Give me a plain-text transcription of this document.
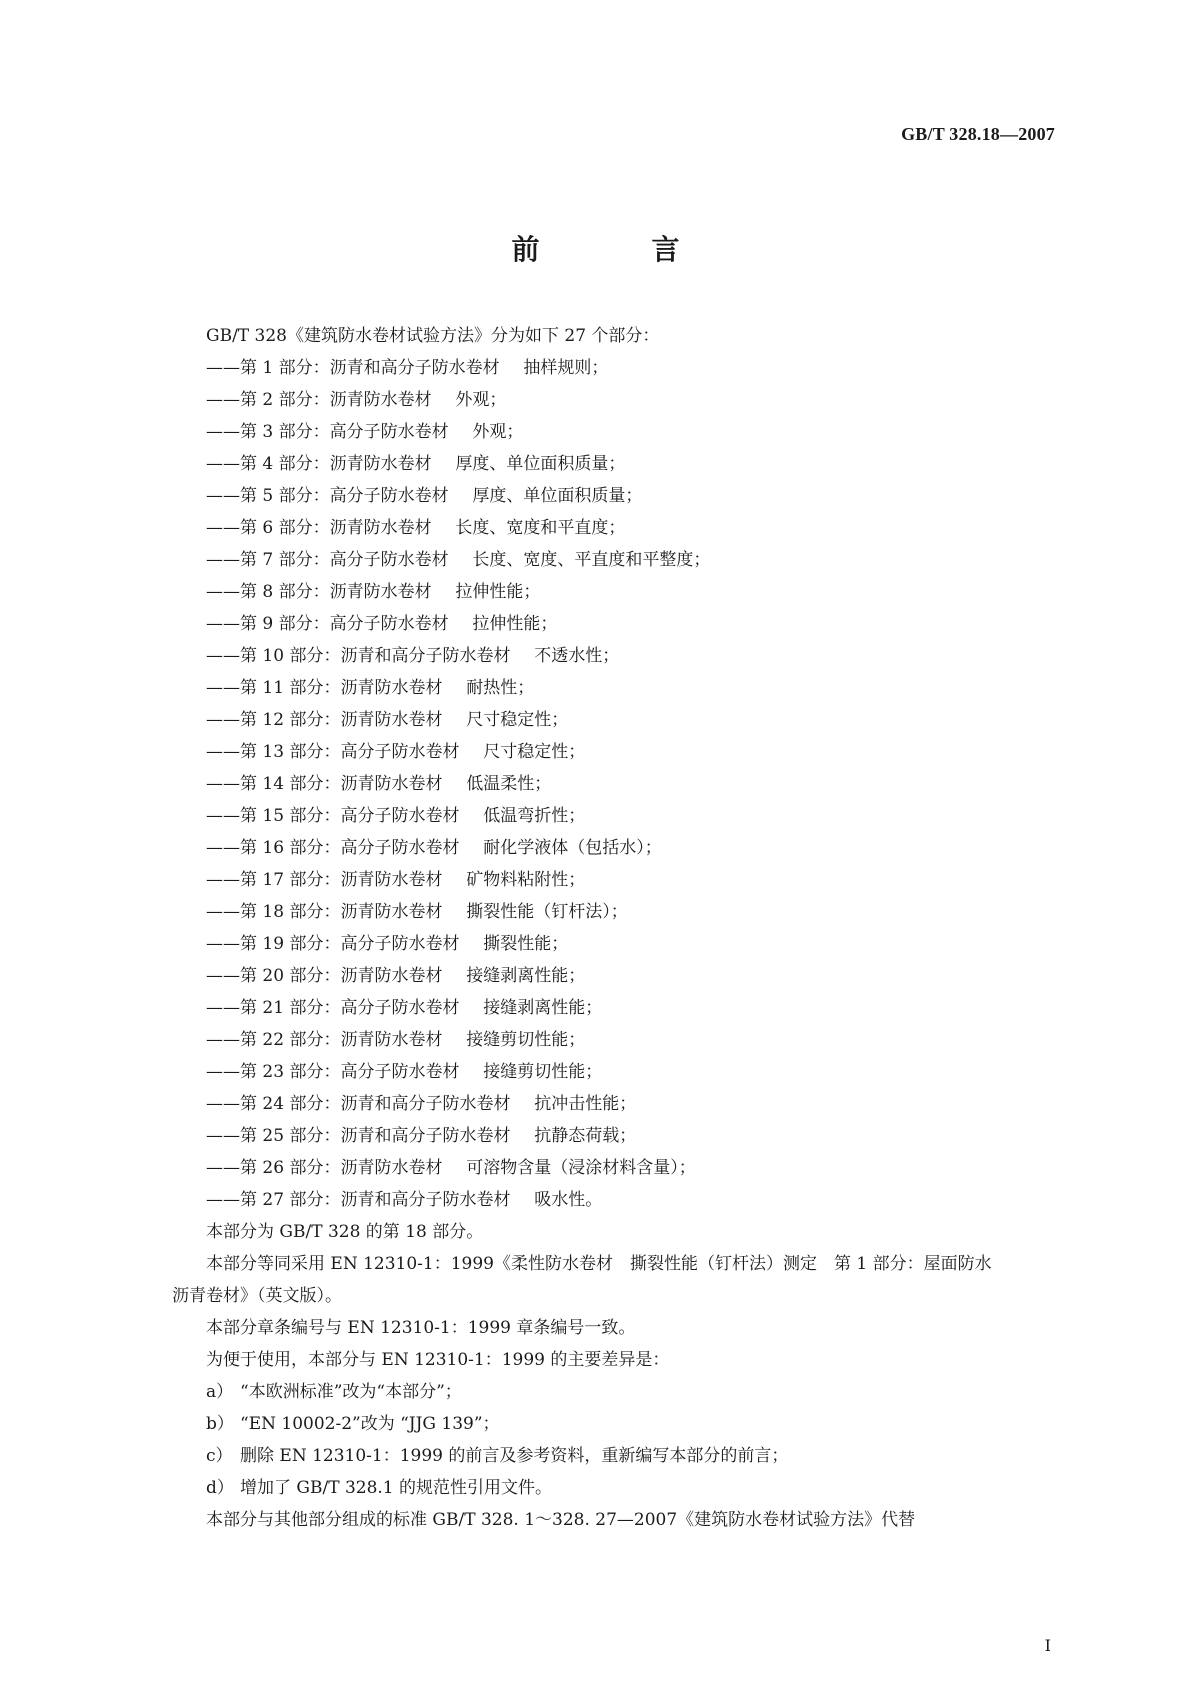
GB/T 328.18—2007
前　言
GB/T 328《建筑防水卷材试验方法》分为如下 27 个部分：
—— 第 1 部分：沥青和高分子防水卷材 抽样规则；
—— 第 2 部分：沥青防水卷材 外观；
—— 第 3 部分：高分子防水卷材 外观；
—— 第 4 部分：沥青防水卷材 厚度、单位面积质量；
—— 第 5 部分：高分子防水卷材 厚度、单位面积质量；
—— 第 6 部分：沥青防水卷材 长度、宽度和平直度；
—— 第 7 部分：高分子防水卷材 长度、宽度、平直度和平整度；
—— 第 8 部分：沥青防水卷材 拉伸性能；
—— 第 9 部分：高分子防水卷材 拉伸性能；
—— 第 10 部分：沥青和高分子防水卷材 不透水性；
—— 第 11 部分：沥青防水卷材 耐热性；
—— 第 12 部分：沥青防水卷材 尺寸稳定性；
—— 第 13 部分：高分子防水卷材 尺寸稳定性；
—— 第 14 部分：沥青防水卷材 低温柔性；
—— 第 15 部分：高分子防水卷材 低温弯折性；
—— 第 16 部分：高分子防水卷材 耐化学液体（包括水）；
—— 第 17 部分：沥青防水卷材 矿物料粘附性；
—— 第 18 部分：沥青防水卷材 撕裂性能（钉杆法）；
—— 第 19 部分：高分子防水卷材 撕裂性能；
—— 第 20 部分：沥青防水卷材 接缝剥离性能；
—— 第 21 部分：高分子防水卷材 接缝剥离性能；
—— 第 22 部分：沥青防水卷材 接缝剪切性能；
—— 第 23 部分：高分子防水卷材 接缝剪切性能；
—— 第 24 部分：沥青和高分子防水卷材 抗冲击性能；
—— 第 25 部分：沥青和高分子防水卷材 抗静态荷载；
—— 第 26 部分：沥青防水卷材 可溶物含量（浸涂材料含量）；
—— 第 27 部分：沥青和高分子防水卷材 吸水性。
本部分为 GB/T 328 的第 18 部分。
本部分等同采用 EN 12310-1：1999《柔性防水卷材　撕裂性能（钉杆法）测定　第 1 部分：屋面防水
沥青卷材》（英文版）。
本部分章条编号与 EN 12310-1：1999 章条编号一致。
为便于使用，本部分与 EN 12310-1：1999 的主要差异是：
a） “本欧洲标准”改为“本部分”；
b） “EN 10002-2”改为 “JJG 139”；
c） 删除 EN 12310-1：1999 的前言及参考资料，重新编写本部分的前言；
d） 增加了 GB/T 328.1 的规范性引用文件。
本部分与其他部分组成的标准 GB/T 328. 1～328. 27—2007《建筑防水卷材试验方法》代替
I
